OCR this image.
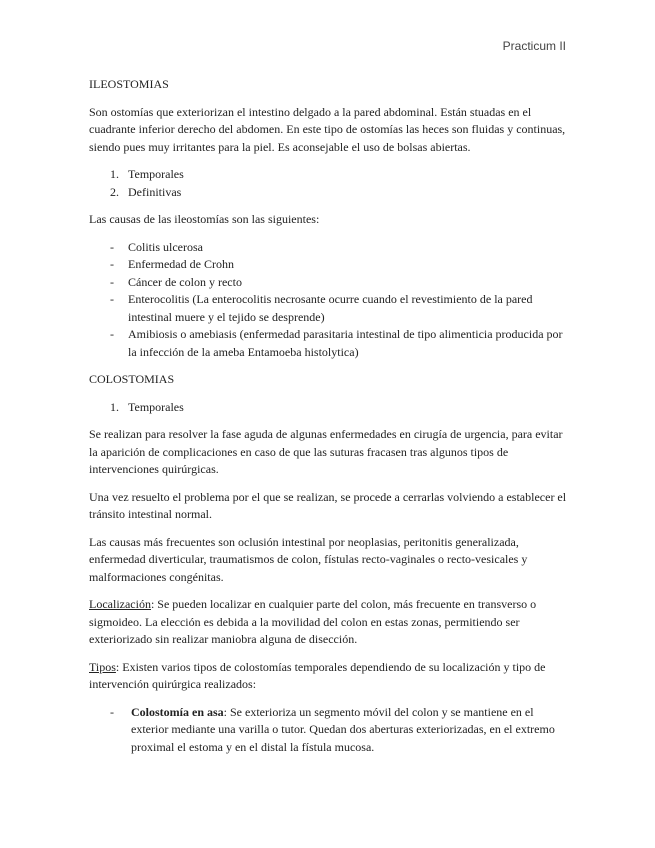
Practicum II

ILEOSTOMIAS

Son ostomías que exteriorizan el intestino delgado a la pared abdominal. Están stuadas en el cuadrante inferior derecho del abdomen. En este tipo de ostomías las heces son fluidas y continuas, siendo pues muy irritantes para la piel. Es aconsejable el uso de bolsas abiertas.

1. Temporales
2. Definitivas

Las causas de las ileostomías son las siguientes:

- Colitis ulcerosa
- Enfermedad de Crohn
- Cáncer de colon y recto
- Enterocolitis (La enterocolitis necrosante ocurre cuando el revestimiento de la pared intestinal muere y el tejido se desprende)
- Amibiosis o amebiasis (enfermedad parasitaria intestinal de tipo alimenticia producida por la infección de la ameba Entamoeba histolytica)

COLOSTOMIAS

1. Temporales

Se realizan para resolver la fase aguda de algunas enfermedades en cirugía de urgencia, para evitar la aparición de complicaciones en caso de que las suturas fracasen tras algunos tipos de intervenciones quirúrgicas.

Una vez resuelto el problema por el que se realizan, se procede a cerrarlas volviendo a establecer el tránsito intestinal normal.

Las causas más frecuentes son oclusión intestinal por neoplasias, peritonitis generalizada, enfermedad diverticular, traumatismos de colon, fístulas recto-vaginales o recto-vesicales y malformaciones congénitas.

Localización: Se pueden localizar en cualquier parte del colon, más frecuente en transverso o sigmoideo. La elección es debida a la movilidad del colon en estas zonas, permitiendo ser exteriorizado sin realizar maniobra alguna de disección.

Tipos: Existen varios tipos de colostomías temporales dependiendo de su localización y tipo de intervención quirúrgica realizados:

- Colostomía en asa: Se exterioriza un segmento móvil del colon y se mantiene en el exterior mediante una varilla o tutor. Quedan dos aberturas exteriorizadas, en el extremo proximal el estoma y en el distal la fístula mucosa.
